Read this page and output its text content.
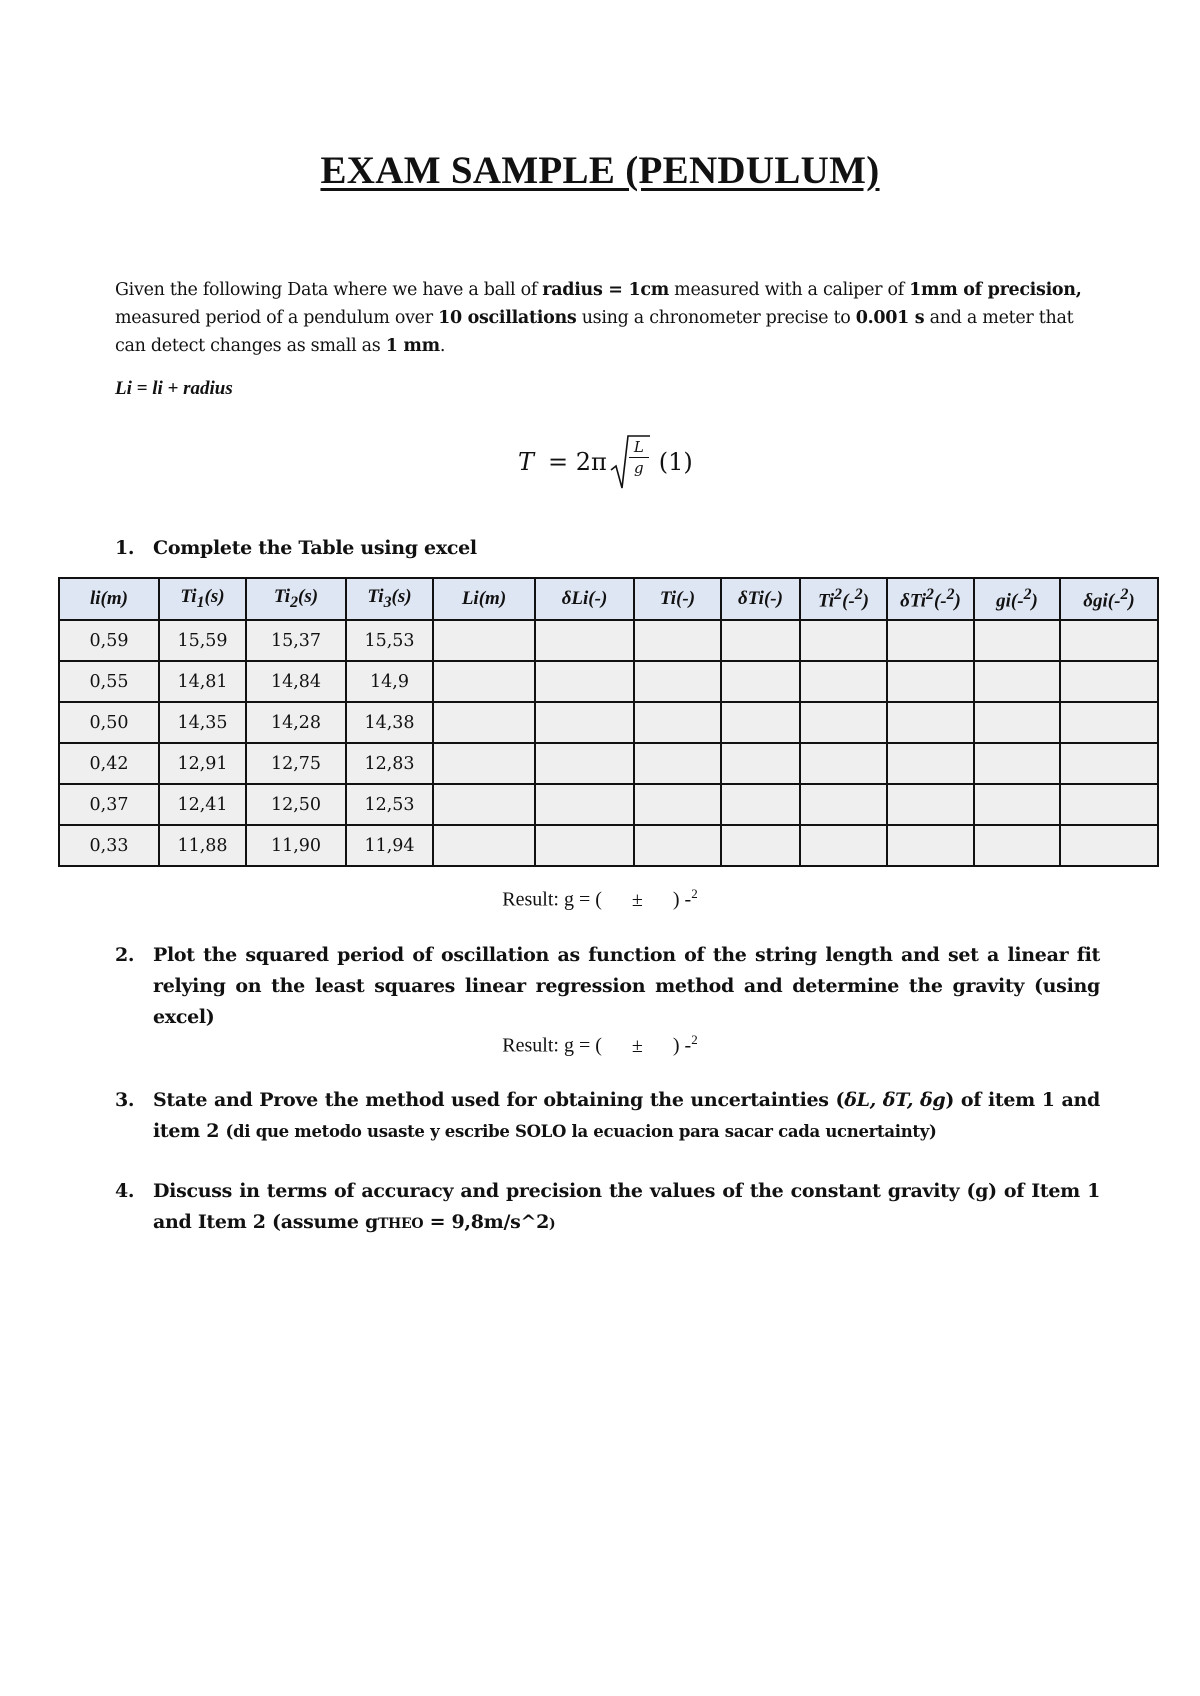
EXAM SAMPLE (PENDULUM)
Given the following Data where we have a ball of radius = 1cm measured with a caliper of 1mm of precision, measured period of a pendulum over 10 oscillations using a chronometer precise to 0.001 s and a meter that can detect changes as small as 1 mm.
Li = li + radius
T = 2π
L
g (1)
1. Complete the Table using excel
li(m)	$Ti_1(s)$	$Ti_2(s)$	$Ti_3(s)$	Li(m)	δLi(-)	Ti(-)	δTi(-)	Ti$^2$(-$^2$)	δTi$^2$(-$^2$)	gi(-$^2$)	δgi(-$^2$)
0,59	15,59	15,37	15,53								
0,55	14,81	14,84	14,9								
0,50	14,35	14,28	14,38								
0,42	12,91	12,75	12,83								
0,37	12,41	12,50	12,53								
0,33	11,88	11,90	11,94								
Result: g = ( ± ) -$^2$
2. Plot the squared period of oscillation as function of the string length and set a linear fit relying on the least squares linear regression method and determine the gravity (using excel)
Result: g = ( ± ) -$^2$
3. State and Prove the method used for obtaining the uncertainties (δL, δT, δg) of item 1 and item 2 (di que metodo usaste y escribe SOLO la ecuacion para sacar cada ucnertainty)
4. Discuss in terms of accuracy and precision the values of the constant gravity (g) of Item 1 and Item 2 (assume gTHEO = 9,8m/s^2)
